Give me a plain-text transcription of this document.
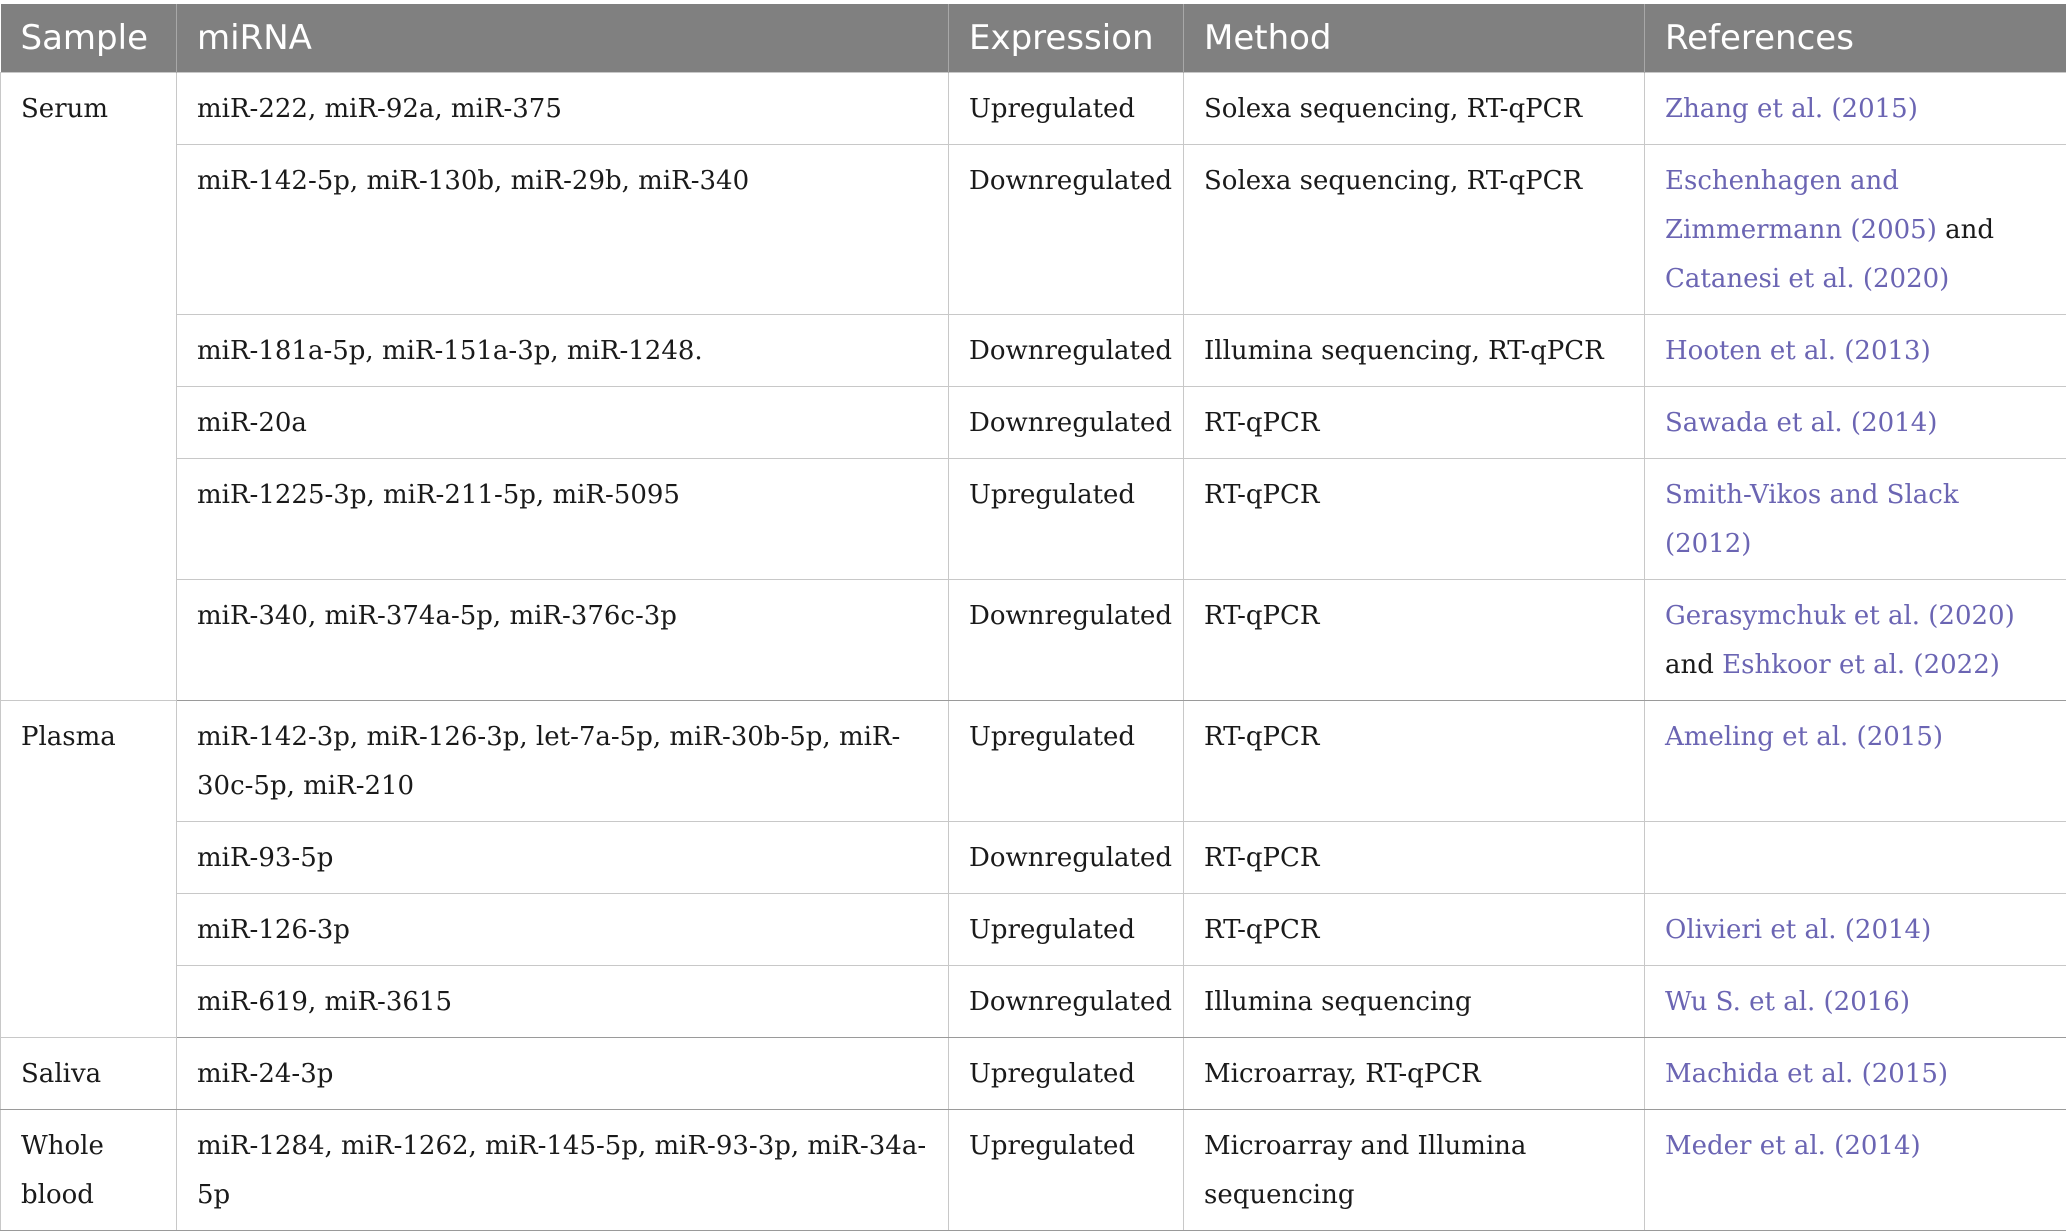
Sample	miRNA	Expression	Method	References
Serum	miR-222, miR-92a, miR-375	Upregulated	Solexa sequencing, RT-qPCR	Zhang et al. (2015)
	miR-142-5p, miR-130b, miR-29b, miR-340	Downregulated	Solexa sequencing, RT-qPCR	Eschenhagen and Zimmermann (2005) and Catanesi et al. (2020)
	miR-181a-5p, miR-151a-3p, miR-1248.	Downregulated	Illumina sequencing, RT-qPCR	Hooten et al. (2013)
	miR-20a	Downregulated	RT-qPCR	Sawada et al. (2014)
	miR-1225-3p, miR-211-5p, miR-5095	Upregulated	RT-qPCR	Smith-Vikos and Slack (2012)
	miR-340, miR-374a-5p, miR-376c-3p	Downregulated	RT-qPCR	Gerasymchuk et al. (2020) and Eshkoor et al. (2022)
Plasma	miR-142-3p, miR-126-3p, let-7a-5p, miR-30b-5p, miR-30c-5p, miR-210	Upregulated	RT-qPCR	Ameling et al. (2015)
	miR-93-5p	Downregulated	RT-qPCR	
	miR-126-3p	Upregulated	RT-qPCR	Olivieri et al. (2014)
	miR-619, miR-3615	Downregulated	Illumina sequencing	Wu S. et al. (2016)
Saliva	miR-24-3p	Upregulated	Microarray, RT-qPCR	Machida et al. (2015)
Whole blood	miR-1284, miR-1262, miR-145-5p, miR-93-3p, miR-34a-5p	Upregulated	Microarray and Illumina sequencing	Meder et al. (2014)
